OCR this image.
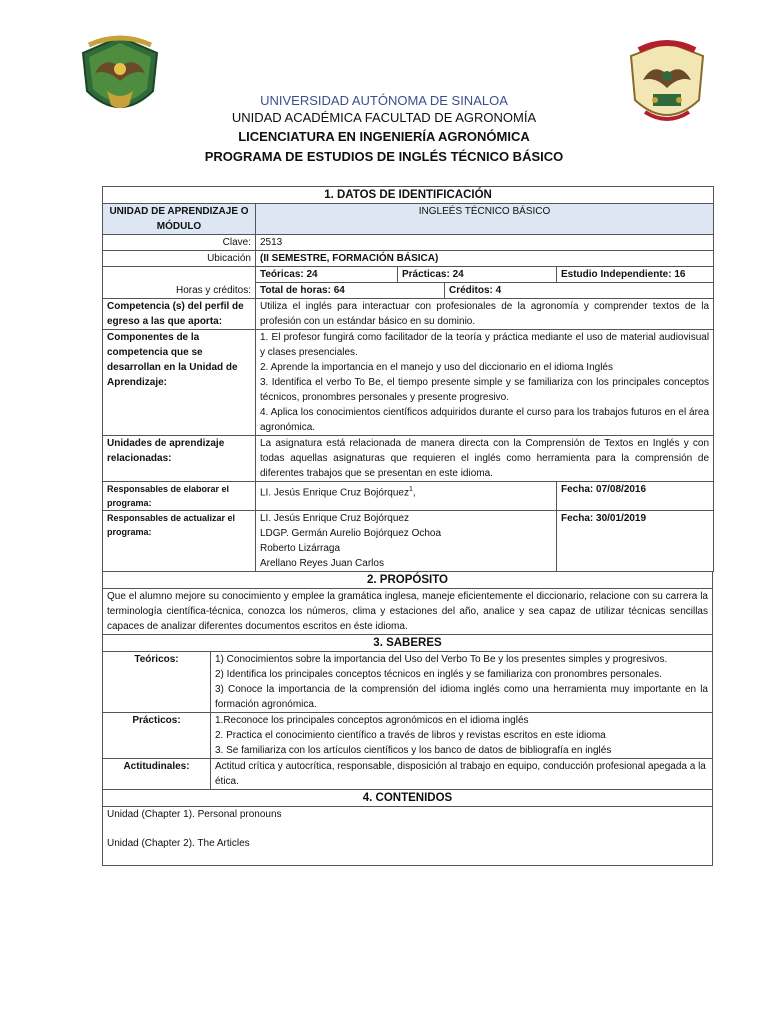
UNIVERSIDAD AUTÓNOMA DE SINALOA
UNIDAD ACADÉMICA FACULTAD DE AGRONOMÍA
LICENCIATURA EN INGENIERÍA AGRONÓMICA
PROGRAMA DE ESTUDIOS DE INGLÉS TÉCNICO BÁSICO
1. DATOS DE IDENTIFICACIÓN				
UNIDAD DE APRENDIZAJE O MÓDULO	INGLEÉS TÉCNICO BÁSICO			
Clave:	2513			
Ubicación	(II SEMESTRE, FORMACIÓN BÁSICA)			
Horas y créditos:	Teóricas: 24	Prácticas: 24		Estudio Independiente: 16
	Total de horas: 64		Créditos: 4	
Competencia (s) del perfil de egreso a las que aporta:	Utiliza el inglés para interactuar con profesionales de la agronomía y comprender textos de la profesión con un estándar básico en su dominio.			
Componentes de la competencia que se desarrollan en la Unidad de Aprendizaje:	1. El profesor fungirá como facilitador de la teoría y práctica mediante el uso de material audiovisual y clases presenciales.
2. Aprende la importancia en el manejo y uso del diccionario en el idioma Inglés
3. Identifica el verbo To Be, el tiempo presente simple y se familiariza con los principales conceptos técnicos, pronombres personales y presente progresivo.
4. Aplica los conocimientos científicos adquiridos durante el curso para los trabajos futuros en el área agronómica.			

Unidades de aprendizaje relacionadas:	La asignatura está relacionada de manera directa con la Comprensión de Textos en Inglés y con todas aquellas asignaturas que requieren el inglés como herramienta para la comprensión de diferentes trabajos que se presentan en este idioma.			
Responsables de elaborar el programa:	LI. Jesús Enrique Cruz Bojórquez$^1$,			Fecha: 07/08/2016
Responsables de actualizar el programa:	LI. Jesús Enrique Cruz Bojórquez
LDGP. Germán Aurelio Bojórquez Ochoa
Roberto Lizárraga
Arellano Reyes Juan Carlos			Fecha: 30/01/2019
2. PROPÓSITO
Que el alumno mejore su conocimiento y emplee la gramática inglesa, maneje eficientemente el diccionario, relacione con su carrera la terminología científica-técnica, conozca los números, clima y estaciones del año, analice y sea capaz de utilizar técnicas sencillas capaces de analizar diferentes documentos escritos en éste idioma.
3. SABERES	
Teóricos:	1) Conocimientos sobre la importancia del Uso del Verbo To Be y los presentes simples y progresivos.
2) Identifica los principales conceptos técnicos en inglés y se familiariza con pronombres personales.
3) Conoce la importancia de la comprensión del idioma inglés como una herramienta muy importante en la formación agronómica.

Prácticos:	1.Reconoce los principales conceptos agronómicos en el idioma inglés
2. Practica el conocimiento científico a través de libros y revistas escritos en este idioma
3. Se familiariza con los artículos científicos y los banco de datos de bibliografía en inglés

Actitudinales:	Actitud crítica y autocrítica, responsable, disposición al trabajo en equipo, conducción profesional apegada a la ética.
4. CONTENIDOS

Unidad (Chapter 1). Personal pronouns
Unidad (Chapter 2). The Articles
